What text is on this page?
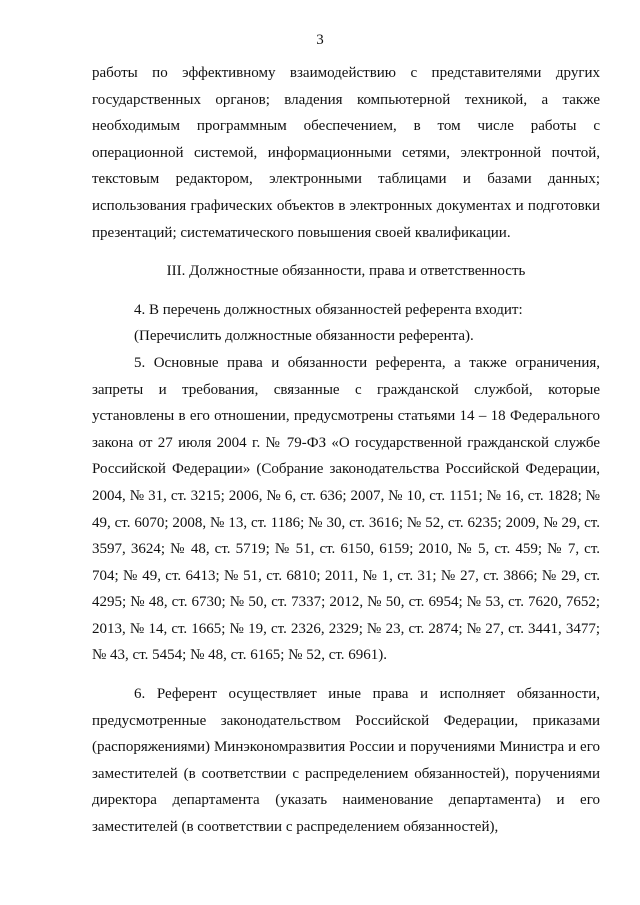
3

работы по эффективному взаимодействию с представителями других государственных органов; владения компьютерной техникой, а также необходимым программным обеспечением, в том числе работы с операционной системой, информационными сетями, электронной почтой, текстовым редактором, электронными таблицами и базами данных; использования графических объектов в электронных документах и подготовки презентаций; систематического повышения своей квалификации.

III. Должностные обязанности, права и ответственность

4. В перечень должностных обязанностей референта входит:

(Перечислить должностные обязанности референта).

5. Основные права и обязанности референта, а также ограничения, запреты и требования, связанные с гражданской службой, которые установлены в его отношении, предусмотрены статьями 14 – 18 Федерального закона от 27 июля 2004 г. № 79-ФЗ «О государственной гражданской службе Российской Федерации» (Собрание законодательства Российской Федерации, 2004, № 31, ст. 3215; 2006, № 6, ст. 636; 2007, № 10, ст. 1151; № 16, ст. 1828; № 49, ст. 6070; 2008, № 13, ст. 1186; № 30, ст. 3616; № 52, ст. 6235; 2009, № 29, ст. 3597, 3624; № 48, ст. 5719; № 51, ст. 6150, 6159; 2010, № 5, ст. 459; № 7, ст. 704; № 49, ст. 6413; № 51, ст. 6810; 2011, № 1, ст. 31; № 27, ст. 3866; № 29, ст. 4295; № 48, ст. 6730; № 50, ст. 7337; 2012, № 50, ст. 6954; № 53, ст. 7620, 7652; 2013, № 14, ст. 1665; № 19, ст. 2326, 2329; № 23, ст. 2874; № 27, ст. 3441, 3477; № 43, ст. 5454; № 48, ст. 6165; № 52, ст. 6961).

6. Референт осуществляет иные права и исполняет обязанности, предусмотренные законодательством Российской Федерации, приказами (распоряжениями) Минэкономразвития России и поручениями Министра и его заместителей (в соответствии с распределением обязанностей), поручениями директора департамента (указать наименование департамента) и его заместителей (в соответствии с распределением обязанностей),
